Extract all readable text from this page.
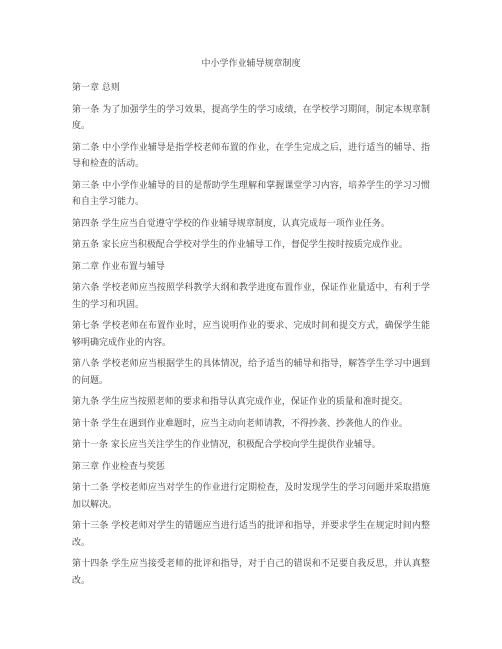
中小学作业辅导规章制度
第一章 总则

第一条 为了加强学生的学习效果，提高学生的学习成绩，在学校学习期间，制定本规章制度。

第二条 中小学作业辅导是指学校老师布置的作业，在学生完成之后，进行适当的辅导、指导和检查的活动。

第三条 中小学作业辅导的目的是帮助学生理解和掌握课堂学习内容，培养学生的学习习惯和自主学习能力。

第四条 学生应当自觉遵守学校的作业辅导规章制度，认真完成每一项作业任务。

第五条 家长应当积极配合学校对学生的作业辅导工作，督促学生按时按质完成作业。

第二章 作业布置与辅导

第六条 学校老师应当按照学科教学大纲和教学进度布置作业，保证作业量适中，有利于学生的学习和巩固。

第七条 学校老师在布置作业时，应当说明作业的要求、完成时间和提交方式，确保学生能够明确完成作业的内容。

第八条 学校老师应当根据学生的具体情况，给予适当的辅导和指导，解答学生学习中遇到的问题。

第九条 学生应当按照老师的要求和指导认真完成作业，保证作业的质量和准时提交。

第十条 学生在遇到作业难题时，应当主动向老师请教，不得抄袭、抄袭他人的作业。

第十一条 家长应当关注学生的作业情况，积极配合学校向学生提供作业辅导。

第三章 作业检查与奖惩

第十二条 学校老师应当对学生的作业进行定期检查，及时发现学生的学习问题并采取措施加以解决。

第十三条 学校老师对学生的错题应当进行适当的批评和指导，并要求学生在规定时间内整改。

第十四条 学生应当接受老师的批评和指导，对于自己的错误和不足要自我反思，并认真整改。
